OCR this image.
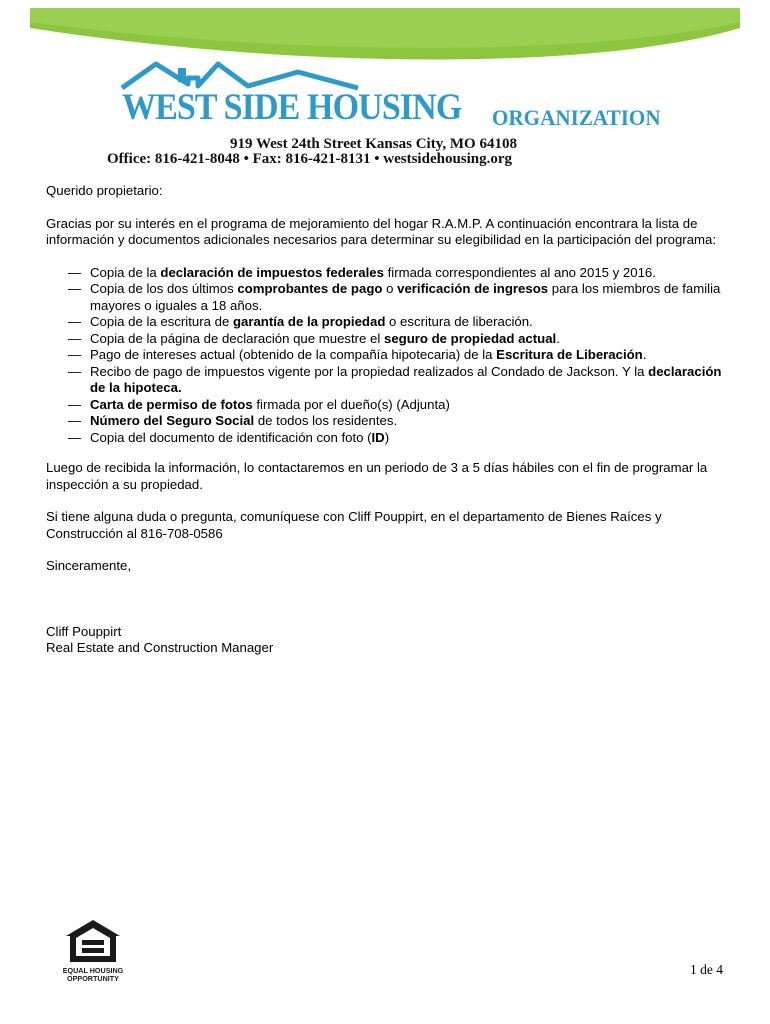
WEST SIDE HOUSING ORGANIZATION
919 West 24th Street Kansas City, MO 64108
Office: 816-421-8048 • Fax: 816-421-8131 • westsidehousing.org

Querido propietario:

Gracias por su interés en el programa de mejoramiento del hogar R.A.M.P. A continuación encontrara la lista de información y documentos adicionales necesarios para determinar su elegibilidad en la participación del programa:

— Copia de la declaración de impuestos federales firmada correspondientes al ano 2015 y 2016.
— Copia de los dos últimos comprobantes de pago o verificación de ingresos para los miembros de familia mayores o iguales a 18 años.
— Copia de la escritura de garantía de la propiedad o escritura de liberación.
— Copia de la página de declaración que muestre el seguro de propiedad actual.
— Pago de intereses actual (obtenido de la compañía hipotecaria) de la Escritura de Liberación.
— Recibo de pago de impuestos vigente por la propiedad realizados al Condado de Jackson. Y la declaración de la hipoteca.
— Carta de permiso de fotos firmada por el dueño(s) (Adjunta)
— Número del Seguro Social de todos los residentes.
— Copia del documento de identificación con foto (ID)

Luego de recibida la información, lo contactaremos en un periodo de 3 a 5 días hábiles con el fin de programar la inspección a su propiedad.

Si tiene alguna duda o pregunta, comuníquese con Cliff Pouppirt, en el departamento de Bienes Raíces y Construcción al 816-708-0586

Sinceramente,

Cliff Pouppirt

Real Estate and Construction Manager

EQUAL HOUSING
OPPORTUNITY
1 de 4
